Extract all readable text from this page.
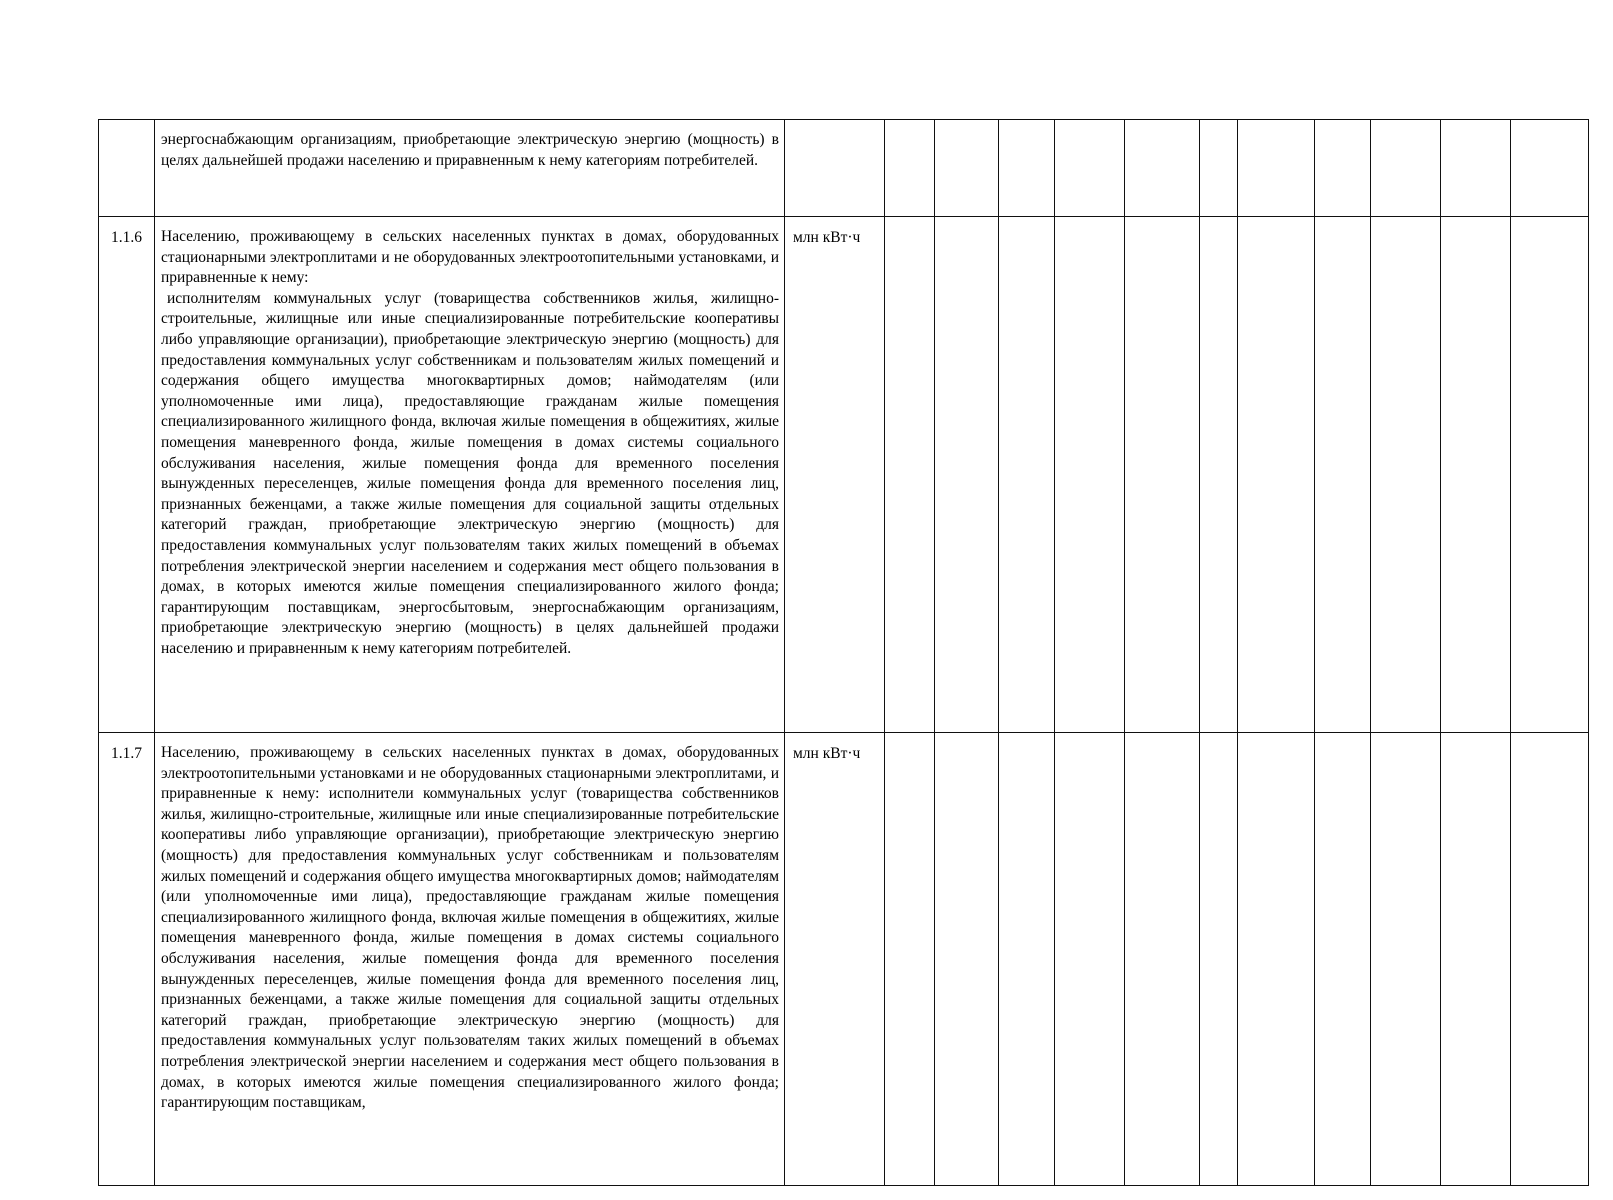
	энергоснабжающим организациям, приобретающие электрическую энергию (мощность) в целях дальнейшей продажи населению и приравненным к нему категориям потребителей.												

1.1.6	Населению, проживающему в сельских населенных пунктах в домах, оборудованных стационарными электроплитами и не оборудованных электроотопительными установками, и приравненные к нему:

исполнителям коммунальных услуг (товарищества собственников жилья, жилищно-строительные, жилищные или иные специализированные потребительские кооперативы либо управляющие организации), приобретающие электрическую энергию (мощность) для предоставления коммунальных услуг собственникам и пользователям жилых помещений и содержания общего имущества многоквартирных домов; наймодателям (или уполномоченные ими лица), предоставляющие гражданам жилые помещения специализированного жилищного фонда, включая жилые помещения в общежитиях, жилые помещения маневренного фонда, жилые помещения в домах системы социального обслуживания населения, жилые помещения фонда для временного поселения вынужденных переселенцев, жилые помещения фонда для временного поселения лиц, признанных беженцами, а также жилые помещения для социальной защиты отдельных категорий граждан, приобретающие электрическую энергию (мощность) для предоставления коммунальных услуг пользователям таких жилых помещений в объемах потребления электрической энергии населением и содержания мест общего пользования в домах, в которых имеются жилые помещения специализированного жилого фонда; гарантирующим поставщикам, энергосбытовым, энергоснабжающим организациям, приобретающие электрическую энергию (мощность) в целях дальнейшей продажи населению и приравненным к нему категориям потребителей.	млн кВт·ч											
1.1.7	Населению, проживающему в сельских населенных пунктах в домах, оборудованных электроотопительными установками и не оборудованных стационарными электроплитами, и приравненные к нему: исполнители коммунальных услуг (товарищества собственников жилья, жилищно-строительные, жилищные или иные специализированные потребительские кооперативы либо управляющие организации), приобретающие электрическую энергию (мощность) для предоставления коммунальных услуг собственникам и пользователям жилых помещений и содержания общего имущества многоквартирных домов; наймодателям (или уполномоченные ими лица), предоставляющие гражданам жилые помещения специализированного жилищного фонда, включая жилые помещения в общежитиях, жилые помещения маневренного фонда, жилые помещения в домах системы социального обслуживания населения, жилые помещения фонда для временного поселения вынужденных переселенцев, жилые помещения фонда для временного поселения лиц, признанных беженцами, а также жилые помещения для социальной защиты отдельных категорий граждан, приобретающие электрическую энергию (мощность) для предоставления коммунальных услуг пользователям таких жилых помещений в объемах потребления электрической энергии населением и содержания мест общего пользования в домах, в которых имеются жилые помещения специализированного жилого фонда; гарантирующим поставщикам,	млн кВт·ч											
